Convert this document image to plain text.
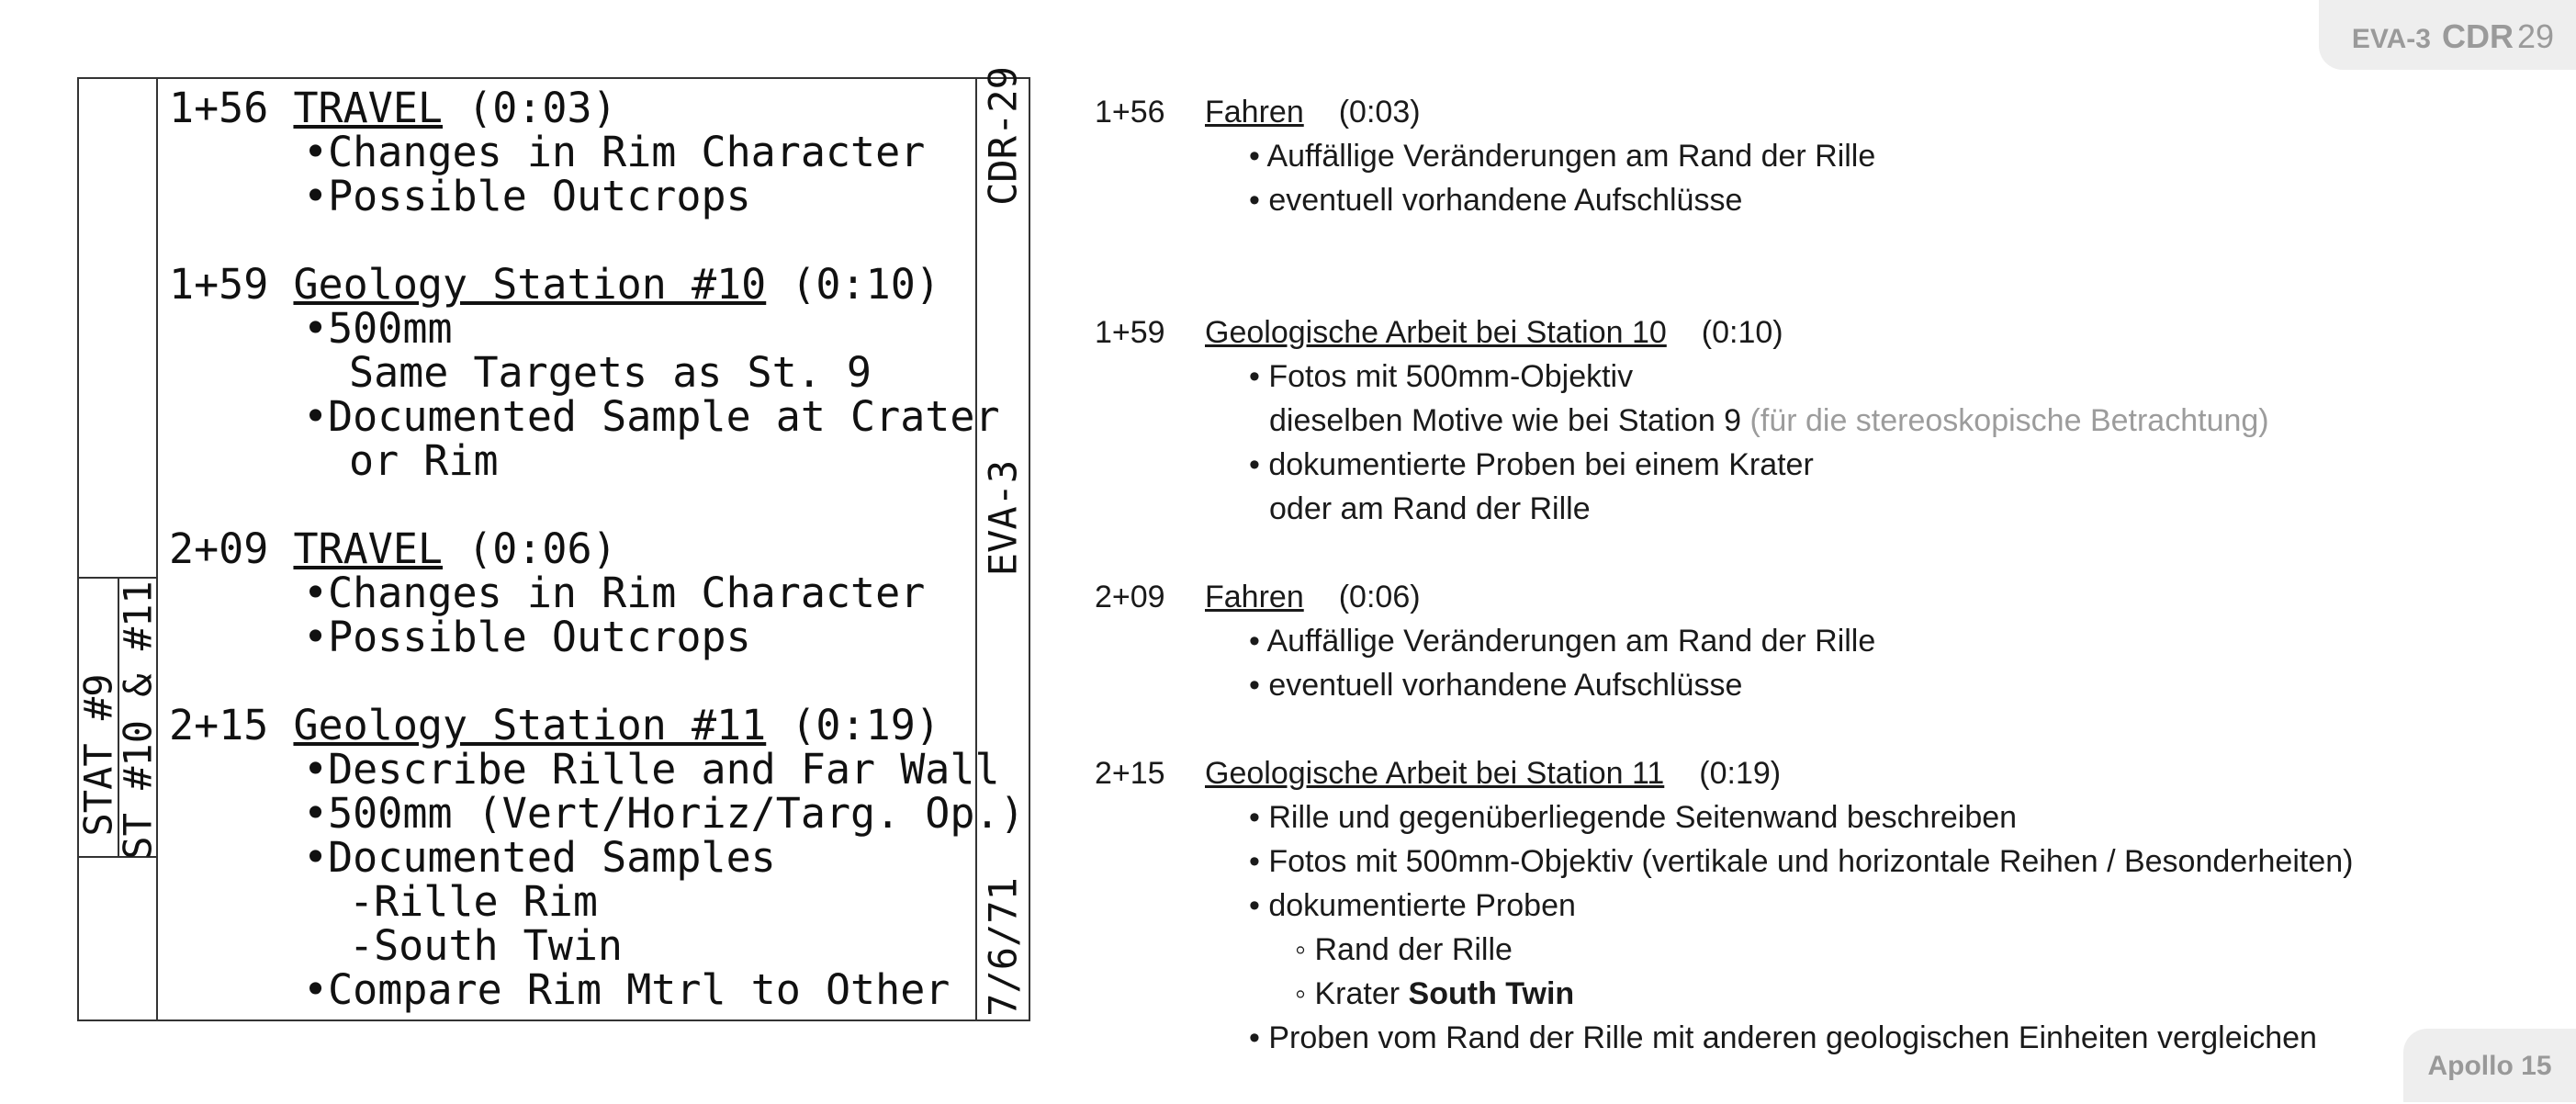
EVA-3 CDR 29
STAT #9
ST #10 & #11
1+56 TRAVEL (0:03)
•Changes in Rim Character
•Possible Outcrops
1+59 Geology Station #10 (0:10)
•500mm
Same Targets as St. 9
•Documented Sample at Crater
or Rim
2+09 TRAVEL (0:06)
•Changes in Rim Character
•Possible Outcrops
2+15 Geology Station #11 (0:19)
•Describe Rille and Far Wall
•500mm (Vert/Horiz/Targ. Op.)
•Documented Samples
-Rille Rim
-South Twin
•Compare Rim Mtrl to Other
CDR-29
EVA-3
7/6/71
1+56 Fahren (0:03)
• Auffällige Veränderungen am Rand der Rille
• eventuell vorhandene Aufschlüsse
1+59 Geologische Arbeit bei Station 10 (0:10)
• Fotos mit 500mm-Objektiv
dieselben Motive wie bei Station 9 (für die stereoskopische Betrachtung)
• dokumentierte Proben bei einem Krater
oder am Rand der Rille
2+09 Fahren (0:06)
• Auffällige Veränderungen am Rand der Rille
• eventuell vorhandene Aufschlüsse
2+15 Geologische Arbeit bei Station 11 (0:19)
• Rille und gegenüberliegende Seitenwand beschreiben
• Fotos mit 500mm-Objektiv (vertikale und horizontale Reihen / Besonderheiten)
• dokumentierte Proben
◦ Rand der Rille
◦ Krater South Twin
• Proben vom Rand der Rille mit anderen geologischen Einheiten vergleichen
Apollo 15
